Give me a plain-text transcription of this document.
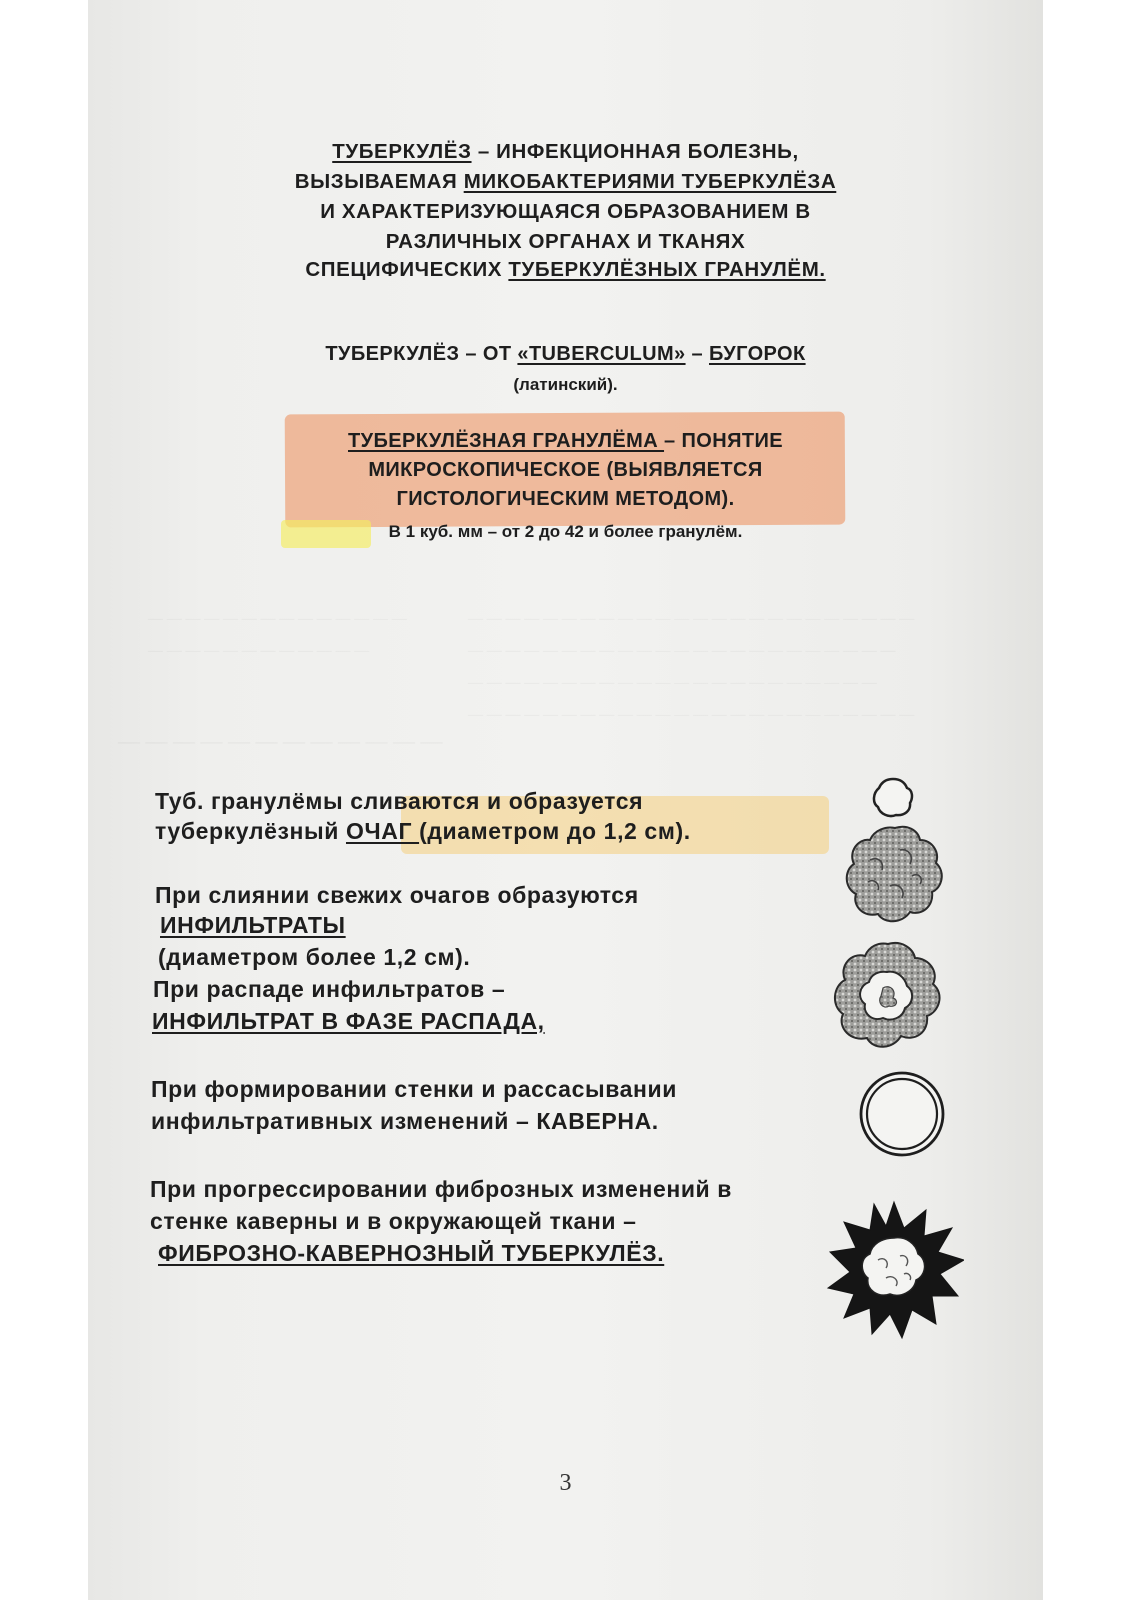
— — — — — — — — — — — — — —
— — — — — — — — — — — —
— — — — — — — — — — — — — — — — — — — — — — — —
— — — — — — — — — — — — — — — — — — — — — — —
— — — — — — — — — — — — — — — — — — — — — —
— — — — — — — — — — — — — — — — — — — — — — — —
— — — — — — — — — — — —
ТУБЕРКУЛЁЗ – ИНФЕКЦИОННАЯ БОЛЕЗНЬ,
ВЫЗЫВАЕМАЯ МИКОБАКТЕРИЯМИ ТУБЕРКУЛЁЗА
И ХАРАКТЕРИЗУЮЩАЯСЯ ОБРАЗОВАНИЕМ В
РАЗЛИЧНЫХ ОРГАНАХ И ТКАНЯХ
СПЕЦИФИЧЕСКИХ ТУБЕРКУЛЁЗНЫХ ГРАНУЛЁМ.
ТУБЕРКУЛЁЗ – ОТ «TUBERCULUM» – БУГОРОК
(латинский).
ТУБЕРКУЛЁЗНАЯ ГРАНУЛЁМА – ПОНЯТИЕ
МИКРОСКОПИЧЕСКОЕ (ВЫЯВЛЯЕТСЯ
ГИСТОЛОГИЧЕСКИМ МЕТОДОМ).
В 1 куб. мм – от 2 до 42 и более гранулём.
Туб. гранулёмы сливаются и образуется
туберкулёзный ОЧАГ (диаметром до 1,2 см).
При слиянии свежих очагов образуются
ИНФИЛЬТРАТЫ
(диаметром более 1,2 см).
При распаде инфильтратов –
ИНФИЛЬТРАТ В ФАЗЕ РАСПАДА,
При формировании стенки и рассасывании
инфильтративных изменений – КАВЕРНА.
При прогрессировании фиброзных изменений в
стенке каверны и в окружающей ткани –
ФИБРОЗНО-КАВЕРНОЗНЫЙ ТУБЕРКУЛЁЗ.
3
